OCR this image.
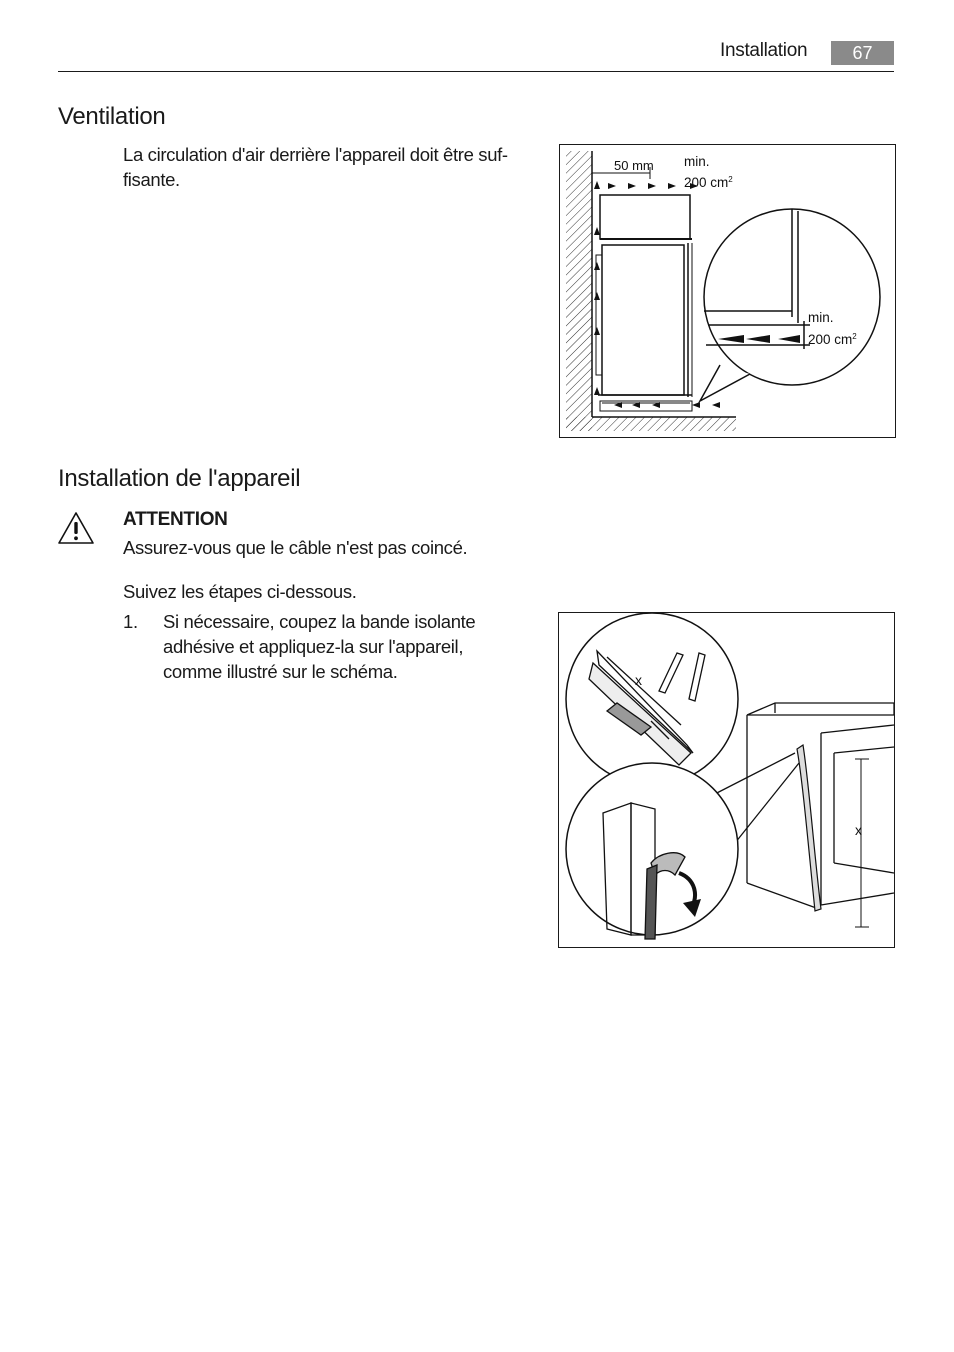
Installation	67
Ventilation
La circulation d'air derrière l'appareil doit être suf-
fisante.
50 mm min.
200 $cm^2$
min.
200 $cm^2$
Installation de l'appareil
ATTENTION
Assurez-vous que le câble n'est pas coincé.
Suivez les étapes ci-dessous.
1. Si nécessaire, coupez la bande isolante
adhésive et appliquez-la sur l'appareil,
comme illustré sur le schéma.
x
x
